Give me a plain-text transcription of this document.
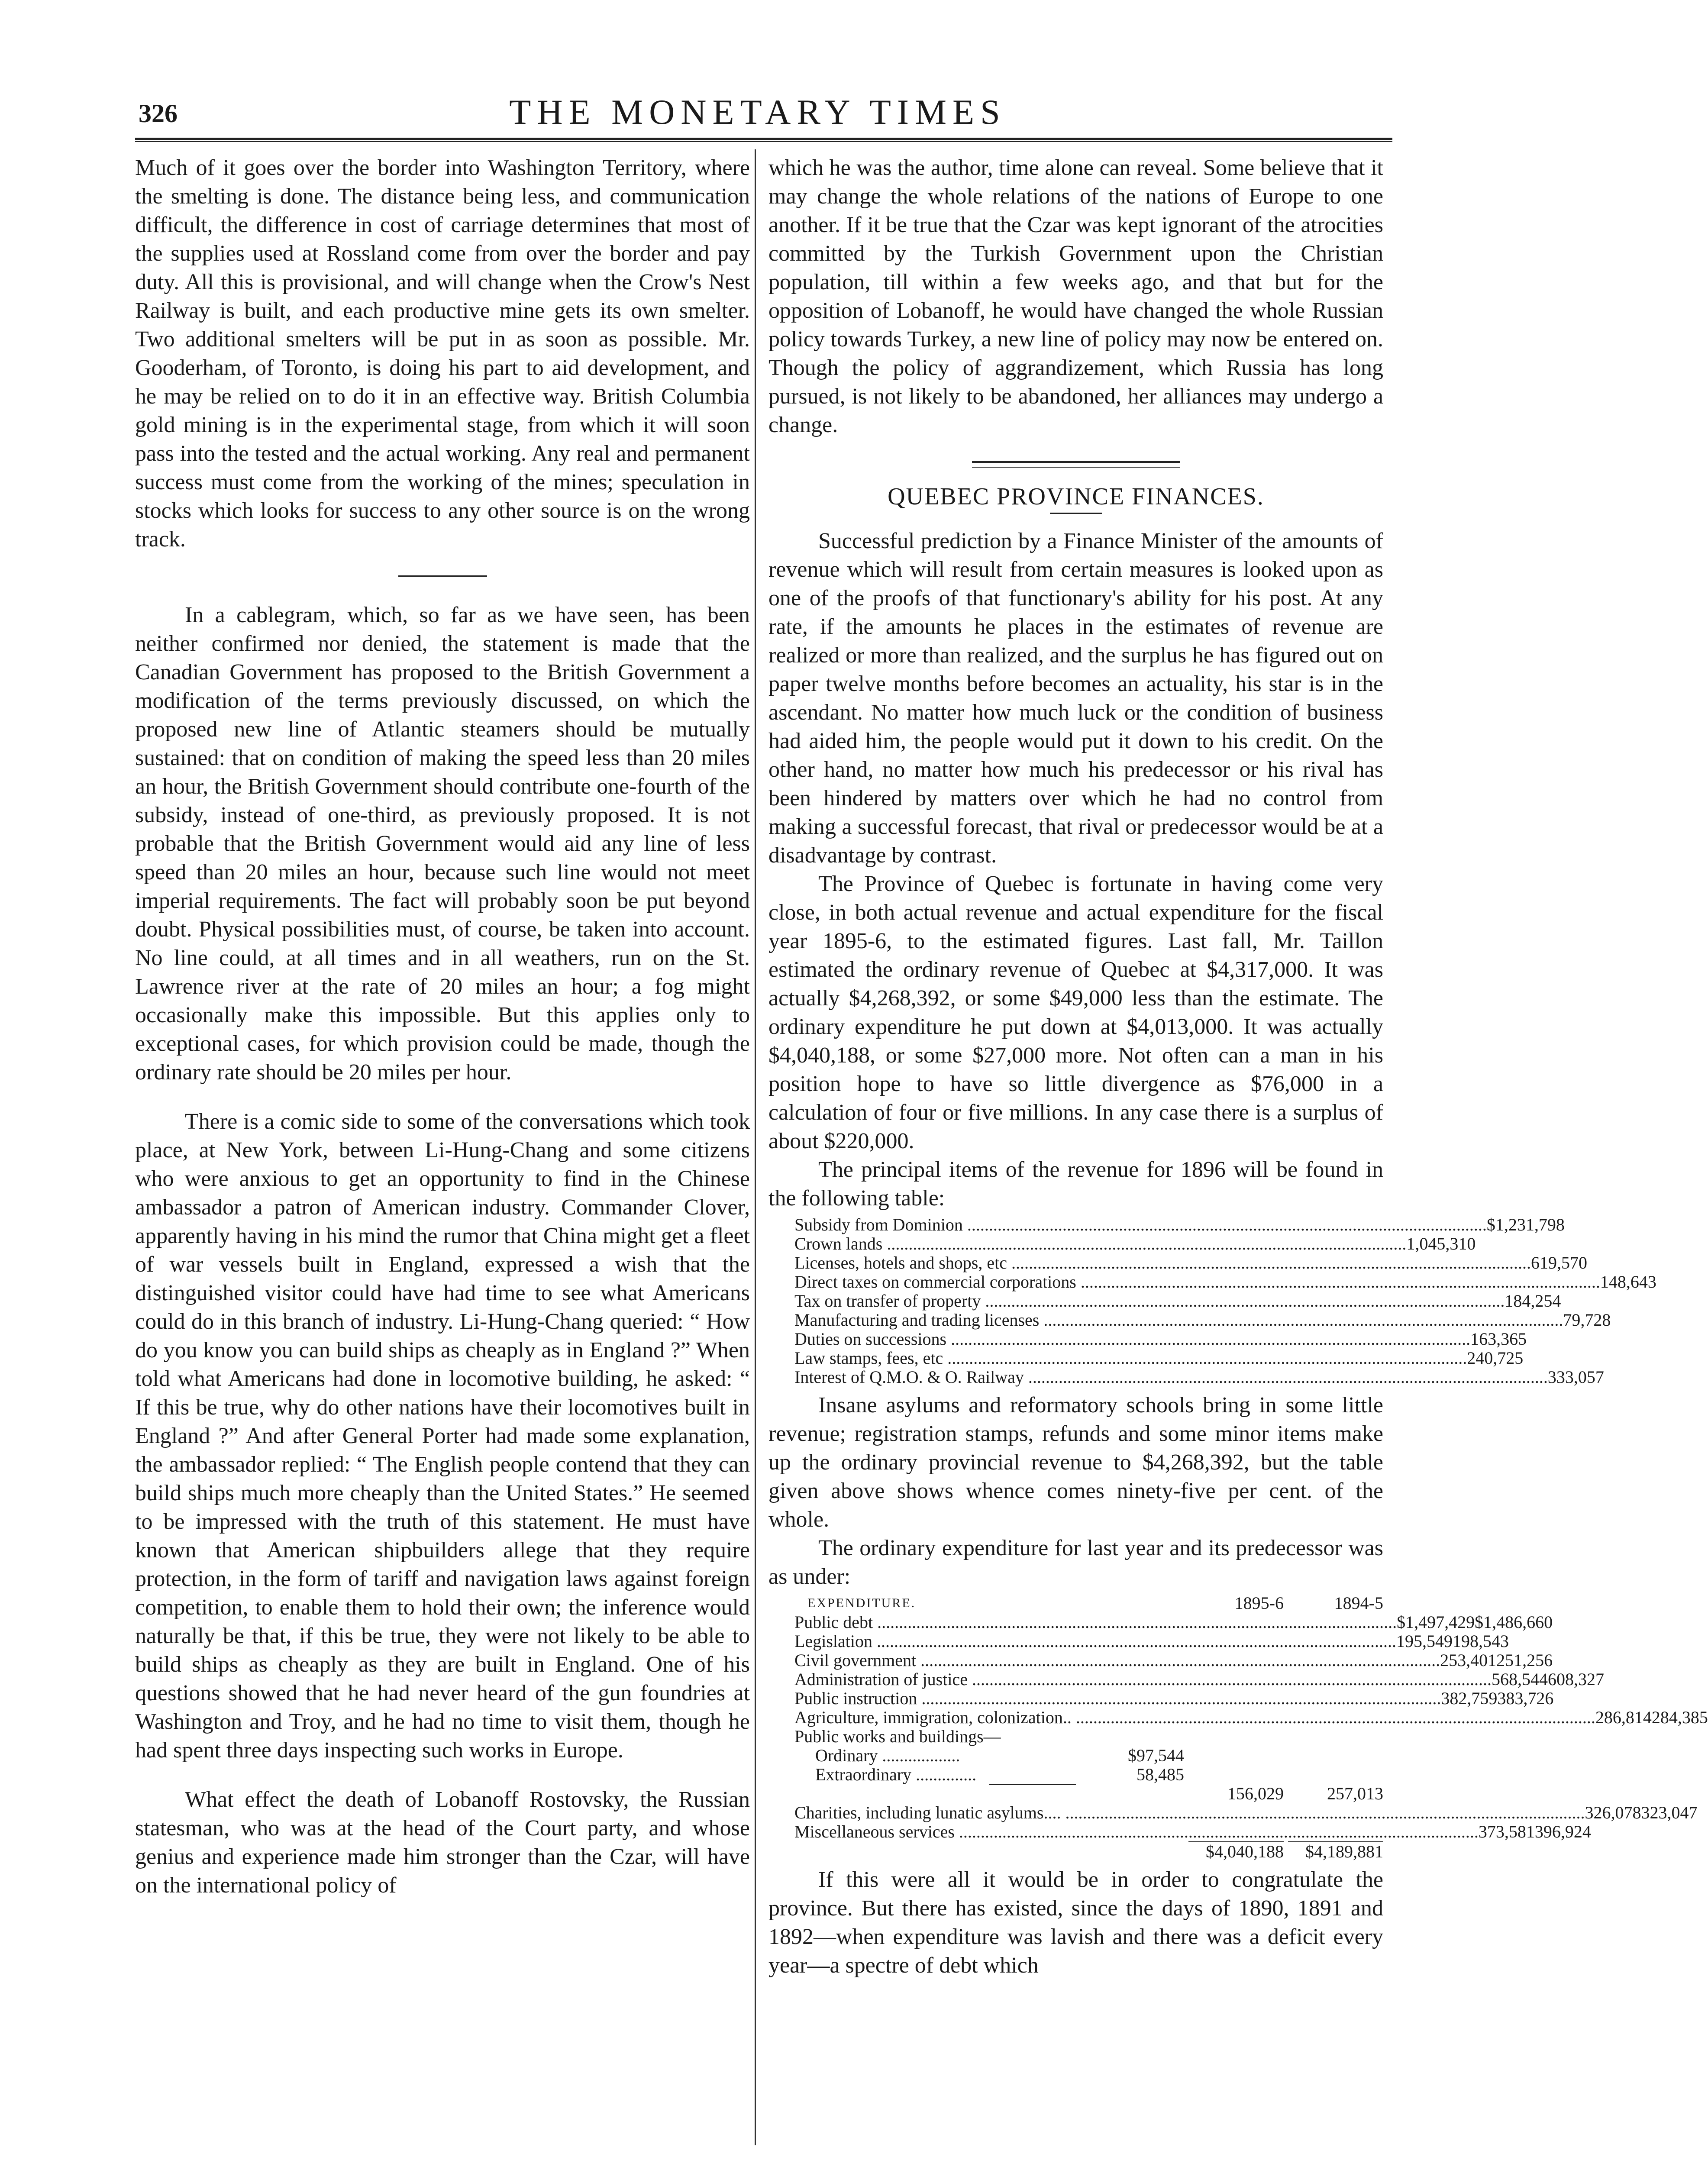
326	THE MONETARY TIMES

Much of it goes over the border into Washington Territory, where the smelting is done. The distance being less, and communication difficult, the difference in cost of carriage determines that most of the supplies used at Rossland come from over the border and pay duty. All this is provisional, and will change when the Crow's Nest Railway is built, and each productive mine gets its own smelter. Two additional smelters will be put in as soon as possible. Mr. Gooderham, of Toronto, is doing his part to aid development, and he may be relied on to do it in an effective way. British Columbia gold mining is in the experimental stage, from which it will soon pass into the tested and the actual working. Any real and permanent success must come from the working of the mines; speculation in stocks which looks for success to any other source is on the wrong track.

In a cablegram, which, so far as we have seen, has been neither confirmed nor denied, the statement is made that the Canadian Government has proposed to the British Government a modification of the terms previously discussed, on which the proposed new line of Atlantic steamers should be mutually sustained: that on condition of making the speed less than 20 miles an hour, the British Government should contribute one-fourth of the subsidy, instead of one-third, as previously proposed. It is not probable that the British Government would aid any line of less speed than 20 miles an hour, because such line would not meet imperial requirements. The fact will probably soon be put beyond doubt. Physical possibilities must, of course, be taken into account. No line could, at all times and in all weathers, run on the St. Lawrence river at the rate of 20 miles an hour; a fog might occasionally make this impossible. But this applies only to exceptional cases, for which provision could be made, though the ordinary rate should be 20 miles per hour.

There is a comic side to some of the conversations which took place, at New York, between Li-Hung-Chang and some citizens who were anxious to get an opportunity to find in the Chinese ambassador a patron of American industry. Commander Clover, apparently having in his mind the rumor that China might get a fleet of war vessels built in England, expressed a wish that the distinguished visitor could have had time to see what Americans could do in this branch of industry. Li-Hung-Chang queried: “ How do you know you can build ships as cheaply as in England ?” When told what Americans had done in locomotive building, he asked: “ If this be true, why do other nations have their locomotives built in England ?” And after General Porter had made some explanation, the ambassador replied: “ The English people contend that they can build ships much more cheaply than the United States.” He seemed to be impressed with the truth of this statement. He must have known that American shipbuilders allege that they require protection, in the form of tariff and navigation laws against foreign competition, to enable them to hold their own; the inference would naturally be that, if this be true, they were not likely to be able to build ships as cheaply as they are built in England. One of his questions showed that he had never heard of the gun foundries at Washington and Troy, and he had no time to visit them, though he had spent three days inspecting such works in Europe.

What effect the death of Lobanoff Rostovsky, the Russian statesman, who was at the head of the Court party, and whose genius and experience made him stronger than the Czar, will have on the international policy of

which he was the author, time alone can reveal. Some believe that it may change the whole relations of the nations of Europe to one another. If it be true that the Czar was kept ignorant of the atrocities committed by the Turkish Government upon the Christian population, till within a few weeks ago, and that but for the opposition of Lobanoff, he would have changed the whole Russian policy towards Turkey, a new line of policy may now be entered on. Though the policy of aggrandizement, which Russia has long pursued, is not likely to be abandoned, her alliances may undergo a change.

QUEBEC PROVINCE FINANCES.

Successful prediction by a Finance Minister of the amounts of revenue which will result from certain measures is looked upon as one of the proofs of that functionary's ability for his post. At any rate, if the amounts he places in the estimates of revenue are realized or more than realized, and the surplus he has figured out on paper twelve months before becomes an actuality, his star is in the ascendant. No matter how much luck or the condition of business had aided him, the people would put it down to his credit. On the other hand, no matter how much his predecessor or his rival has been hindered by matters over which he had no control from making a successful forecast, that rival or predecessor would be at a disadvantage by contrast.

The Province of Quebec is fortunate in having come very close, in both actual revenue and actual expenditure for the fiscal year 1895-6, to the estimated figures. Last fall, Mr. Taillon estimated the ordinary revenue of Quebec at $4,317,000. It was actually $4,268,392, or some $49,000 less than the estimate. The ordinary expenditure he put down at $4,013,000. It was actually $4,040,188, or some $27,000 more. Not often can a man in his position hope to have so little divergence as $76,000 in a calculation of four or five millions. In any case there is a surplus of about $220,000.

The principal items of the revenue for 1896 will be found in the following table:

Subsidy from Dominion ........................................................................................................................ $1,231,798
Crown lands ........................................................................................................................ 1,045,310
Licenses, hotels and shops, etc ........................................................................................................................ 619,570
Direct taxes on commercial corporations ........................................................................................................................ 148,643
Tax on transfer of property ........................................................................................................................ 184,254
Manufacturing and trading licenses ........................................................................................................................ 79,728
Duties on successions ........................................................................................................................ 163,365
Law stamps, fees, etc ........................................................................................................................ 240,725
Interest of Q.M.O. & O. Railway ........................................................................................................................ 333,057

Insane asylums and reformatory schools bring in some little revenue; registration stamps, refunds and some minor items make up the ordinary provincial revenue to $4,268,392, but the table given above shows whence comes ninety-five per cent. of the whole.

The ordinary expenditure for last year and its predecessor was as under:

EXPENDITURE.	1895-6	1894-5
Public debt ........................................................................................................................ $1,497,429 $1,486,660
Legislation ........................................................................................................................ 195,549 198,543
Civil government ........................................................................................................................ 253,401 251,256
Administration of justice ........................................................................................................................ 568,544 608,327
Public instruction ........................................................................................................................ 382,759 383,726
Agriculture, immigration, colonization.. ........................................................................................................................ 286,814 284,385
Public works and buildings—
Ordinary ..................	$97,544
Extraordinary ..............	58,485
156,029	257,013
Charities, including lunatic asylums.... ........................................................................................................................ 326,078 323,047
Miscellaneous services ........................................................................................................................ 373,581 396,924
$4,040,188	$4,189,881

If this were all it would be in order to congratulate the province. But there has existed, since the days of 1890, 1891 and 1892—when expenditure was lavish and there was a deficit every year—a spectre of debt which
